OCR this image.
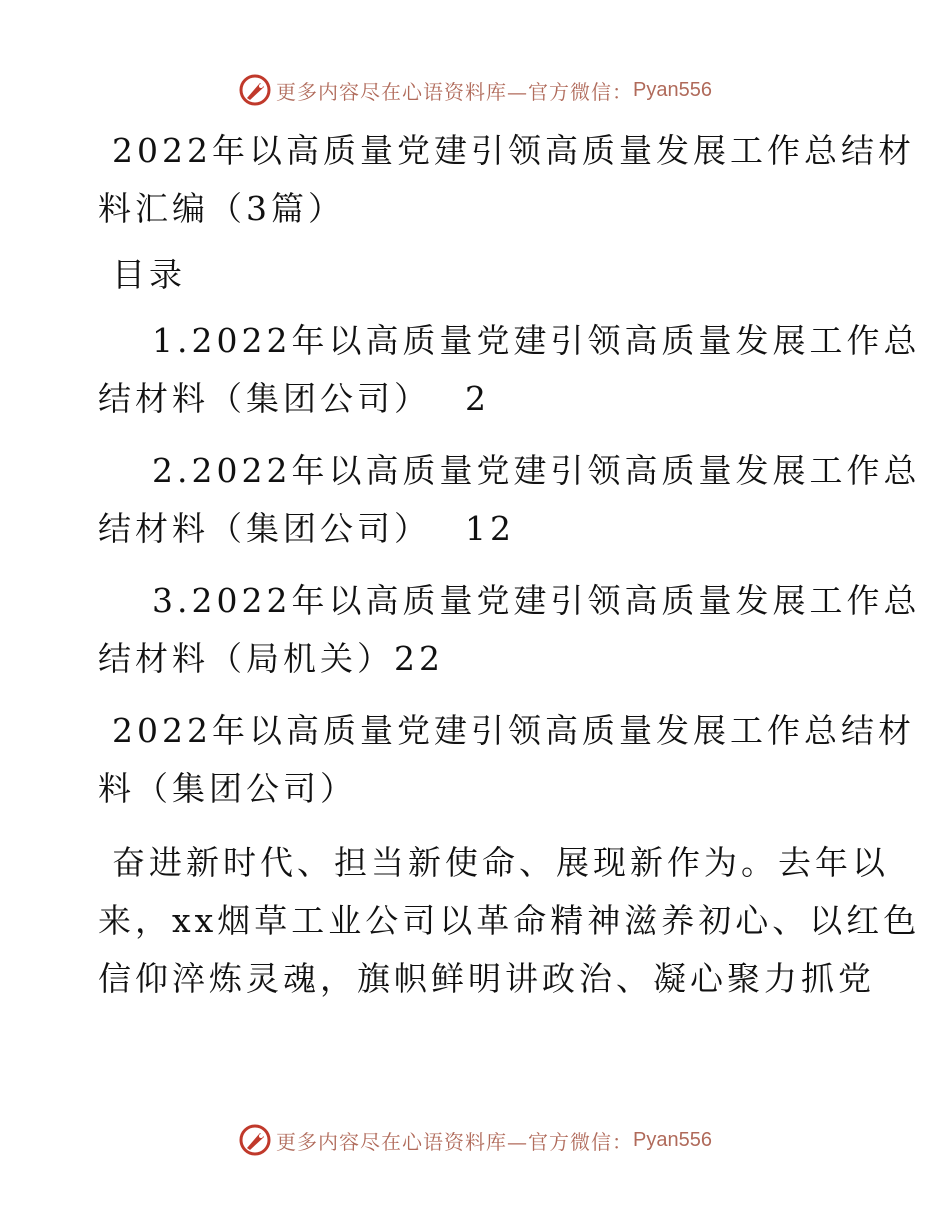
更多内容尽在心语资料库—官方微信： Pyan556

2022年以高质量党建引领高质量发展工作总结材

料汇编（3篇）

目录

1.2022年以高质量党建引领高质量发展工作总

结材料（集团公司） 2

2.2022年以高质量党建引领高质量发展工作总

结材料（集团公司） 12

3.2022年以高质量党建引领高质量发展工作总

结材料（局机关）22

2022年以高质量党建引领高质量发展工作总结材

料（集团公司）

奋进新时代、担当新使命、展现新作为。去年以

来，xx烟草工业公司以革命精神滋养初心、以红色

信仰淬炼灵魂，旗帜鲜明讲政治、凝心聚力抓党

更多内容尽在心语资料库—官方微信： Pyan556
